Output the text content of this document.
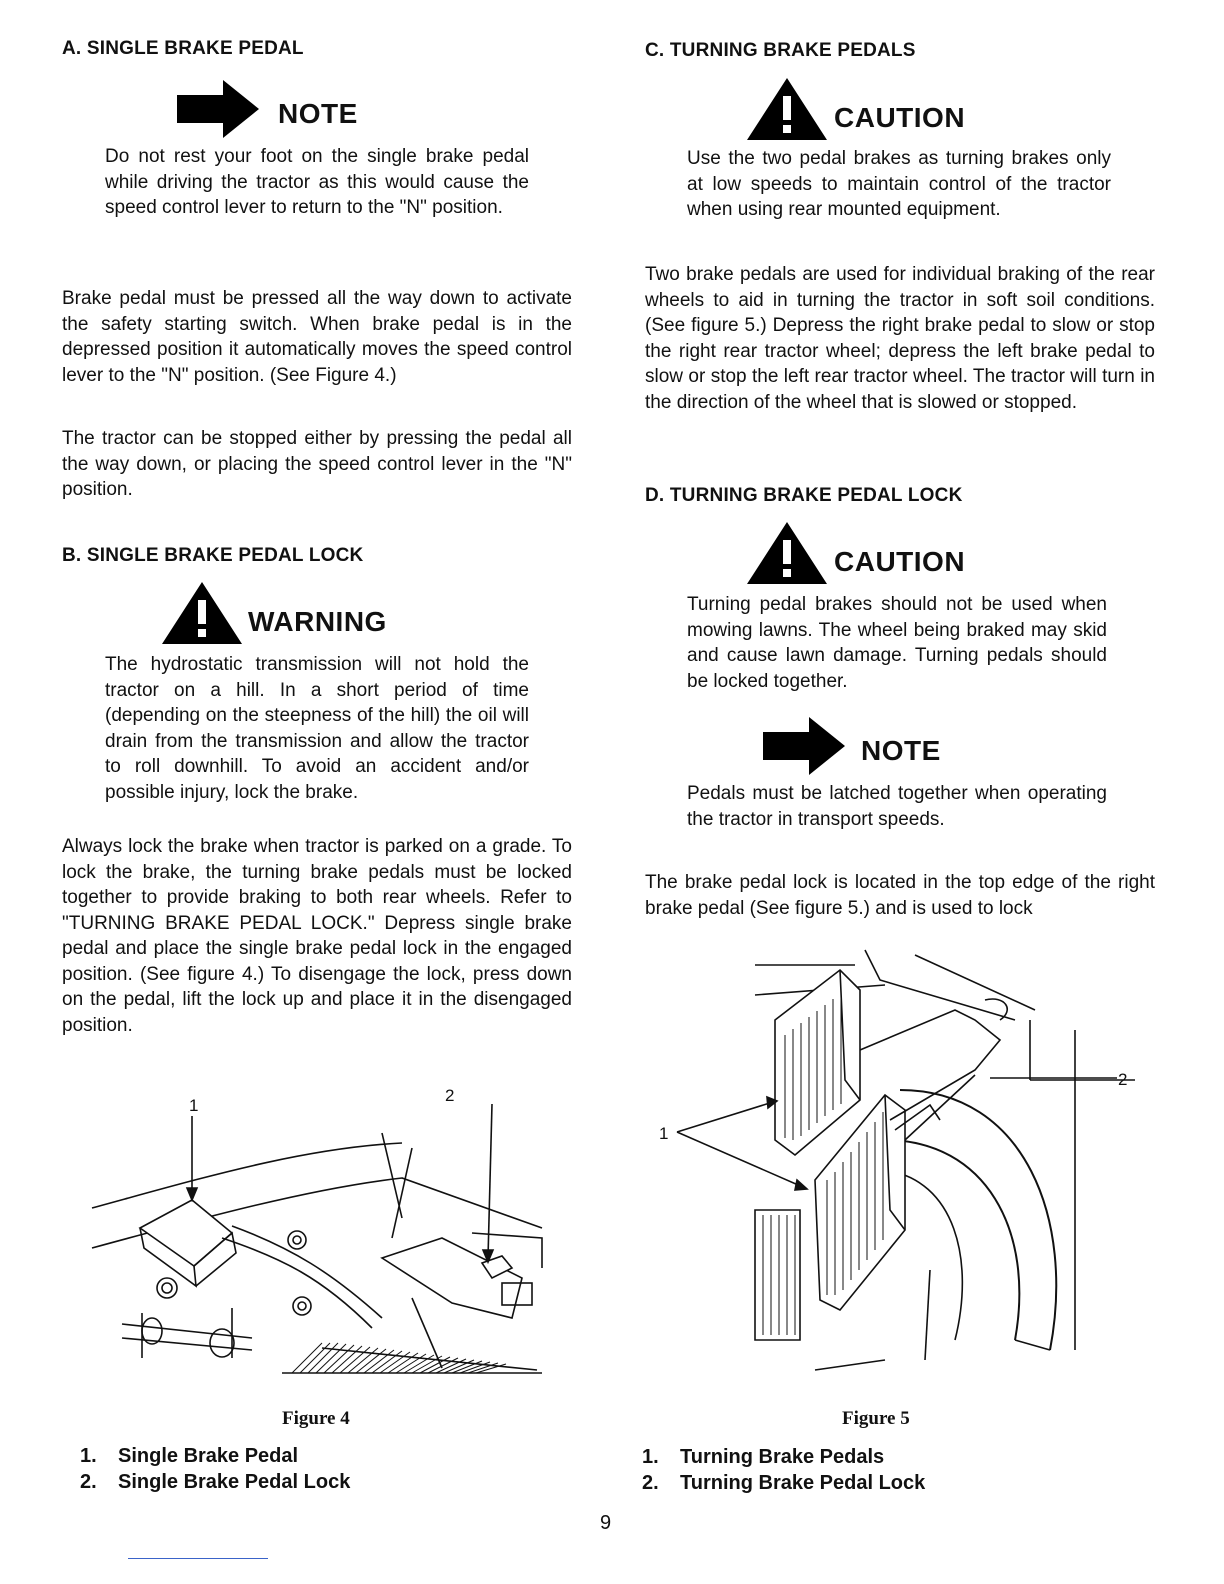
A. SINGLE BRAKE PEDAL
NOTE

Do not rest your foot on the single brake pedal while driving the tractor as this would cause the speed control lever to return to the "N" position.

Brake pedal must be pressed all the way down to activate the safety starting switch. When brake pedal is in the depressed position it automatically moves the speed control lever to the "N" position. (See Figure 4.)

The tractor can be stopped either by pressing the pedal all the way down, or placing the speed control lever in the "N" position.

B. SINGLE BRAKE PEDAL LOCK
WARNING

The hydrostatic transmission will not hold the tractor on a hill. In a short period of time (depending on the steepness of the hill) the oil will drain from the transmission and allow the tractor to roll downhill. To avoid an accident and/or possible injury, lock the brake.

Always lock the brake when tractor is parked on a grade. To lock the brake, the turning brake pedals must be locked together to provide braking to both rear wheels. Refer to "TURNING BRAKE PEDAL LOCK." Depress single brake pedal and place the single brake pedal lock in the engaged position. (See figure 4.) To disengage the lock, press down on the pedal, lift the lock up and place it in the disengaged position.

1
2
Figure 4
1. Single Brake Pedal
2. Single Brake Pedal Lock
C. TURNING BRAKE PEDALS
CAUTION

Use the two pedal brakes as turning brakes only at low speeds to maintain control of the tractor when using rear mounted equipment.

Two brake pedals are used for individual braking of the rear wheels to aid in turning the tractor in soft soil conditions. (See figure 5.) Depress the right brake pedal to slow or stop the right rear tractor wheel; depress the left brake pedal to slow or stop the left rear tractor wheel. The tractor will turn in the direction of the wheel that is slowed or stopped.

D. TURNING BRAKE PEDAL LOCK
CAUTION

Turning pedal brakes should not be used when mowing lawns. The wheel being braked may skid and cause lawn damage. Turning pedals should be locked together.

NOTE

Pedals must be latched together when operating the tractor in transport speeds.

The brake pedal lock is located in the top edge of the right brake pedal (See figure 5.) and is used to lock

1
2
Figure 5
1. Turning Brake Pedals
2. Turning Brake Pedal Lock
9
